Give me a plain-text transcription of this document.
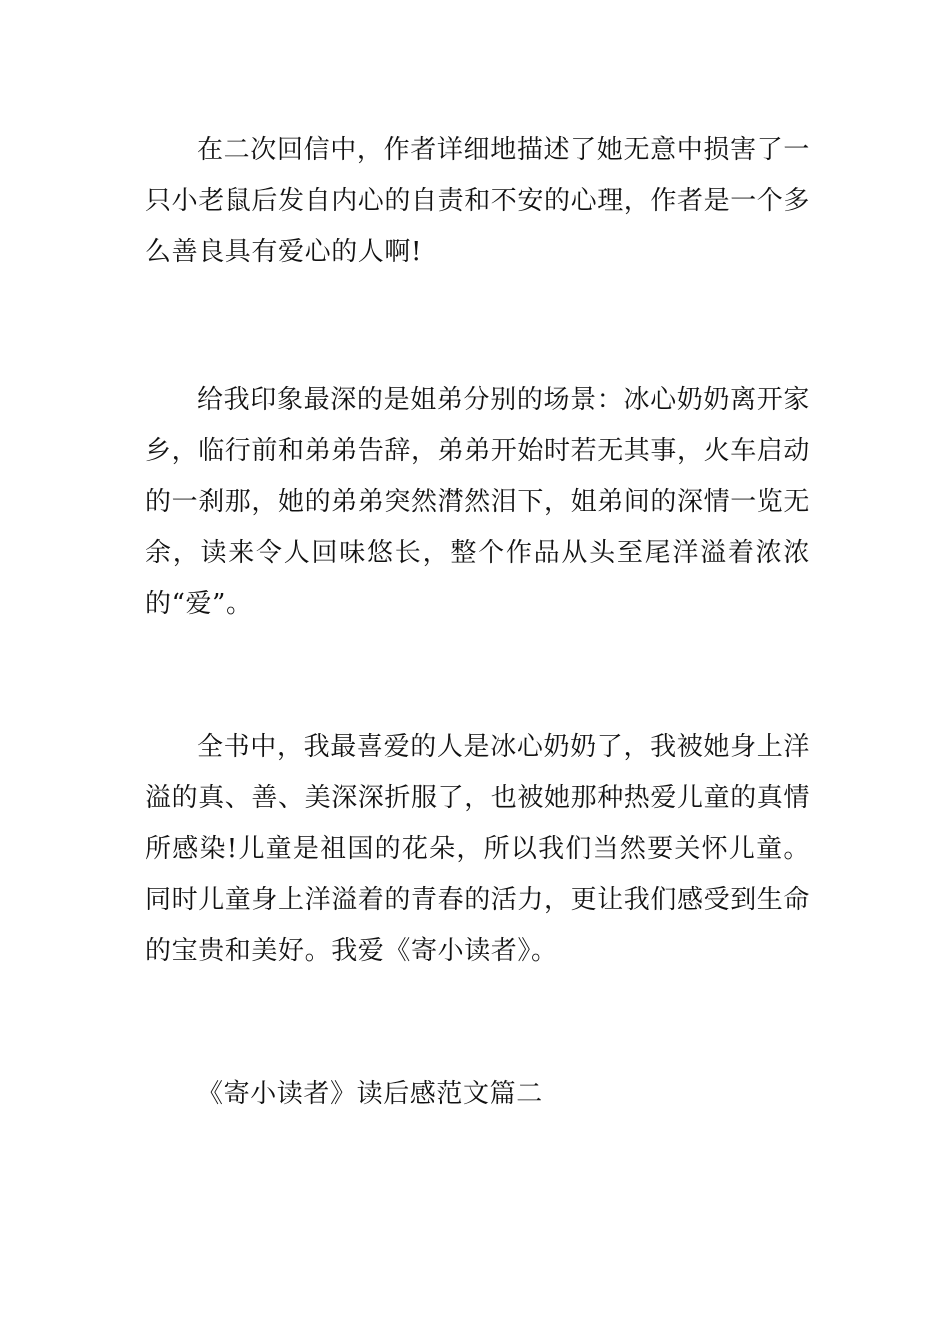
在二次回信中，作者详细地描述了她无意中损害了一只小老鼠后发自内心的自责和不安的心理，作者是一个多么善良具有爱心的人啊!

给我印象最深的是姐弟分别的场景：冰心奶奶离开家乡，临行前和弟弟告辞，弟弟开始时若无其事，火车启动的一刹那，她的弟弟突然潸然泪下，姐弟间的深情一览无余，读来令人回味悠长，整个作品从头至尾洋溢着浓浓的“爱”。

全书中，我最喜爱的人是冰心奶奶了，我被她身上洋溢的真、善、美深深折服了，也被她那种热爱儿童的真情所感染!儿童是祖国的花朵，所以我们当然要关怀儿童。同时儿童身上洋溢着的青春的活力，更让我们感受到生命的宝贵和美好。我爱《寄小读者》。

《寄小读者》读后感范文篇二
